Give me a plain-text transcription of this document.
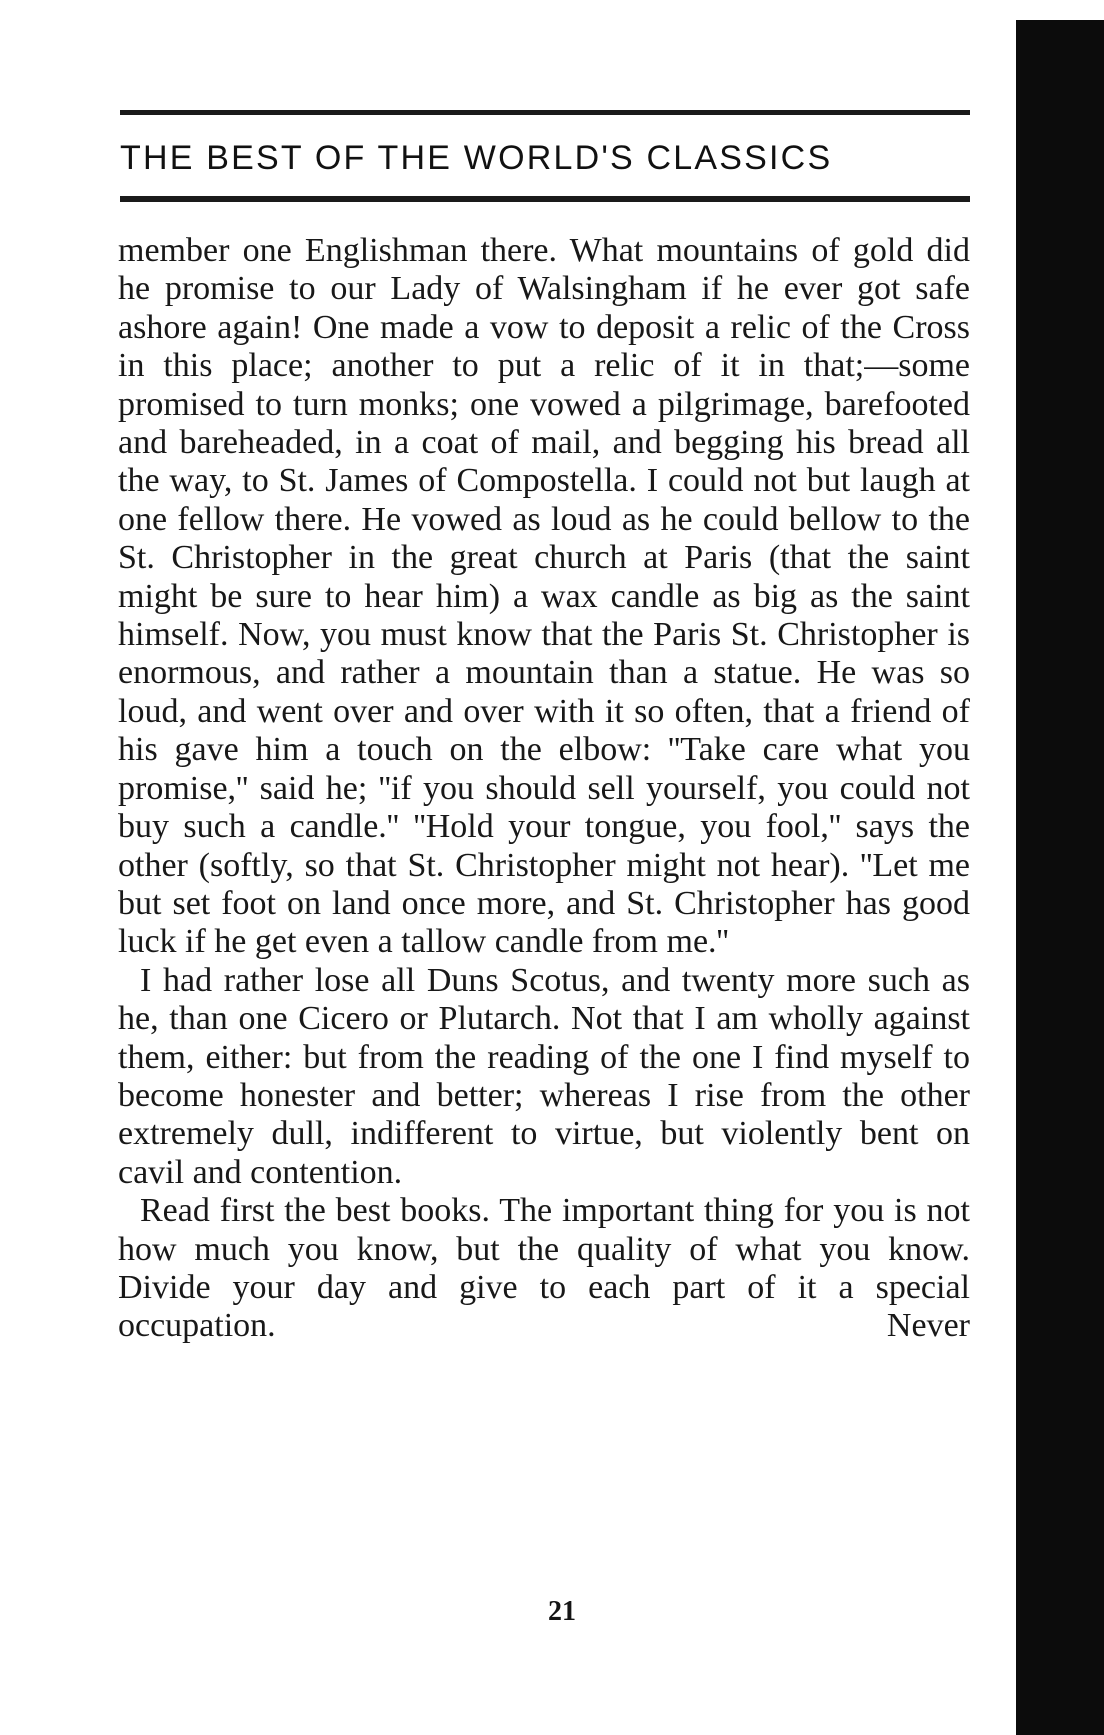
THE BEST OF THE WORLD'S CLASSICS

member one Englishman there. What mountains of gold did he promise to our Lady of Walsingham if he ever got safe ashore again! One made a vow to deposit a relic of the Cross in this place; another to put a relic of it in that;—some promised to turn monks; one vowed a pilgrimage, barefooted and bareheaded, in a coat of mail, and begging his bread all the way, to St. James of Compostella. I could not but laugh at one fellow there. He vowed as loud as he could bellow to the St. Christopher in the great church at Paris (that the saint might be sure to hear him) a wax candle as big as the saint himself. Now, you must know that the Paris St. Christopher is enormous, and rather a mountain than a statue. He was so loud, and went over and over with it so often, that a friend of his gave him a touch on the elbow: ''Take care what you promise,'' said he; ''if you should sell yourself, you could not buy such a candle.'' ''Hold your tongue, you fool,'' says the other (softly, so that St. Christopher might not hear). ''Let me but set foot on land once more, and St. Christopher has good luck if he get even a tallow candle from me.''

I had rather lose all Duns Scotus, and twenty more such as he, than one Cicero or Plutarch. Not that I am wholly against them, either: but from the reading of the one I find myself to become honester and better; whereas I rise from the other extremely dull, indifferent to virtue, but violently bent on cavil and contention.

Read first the best books. The important thing for you is not how much you know, but the quality of what you know. Divide your day and give to each part of it a special occupation. Never

21
